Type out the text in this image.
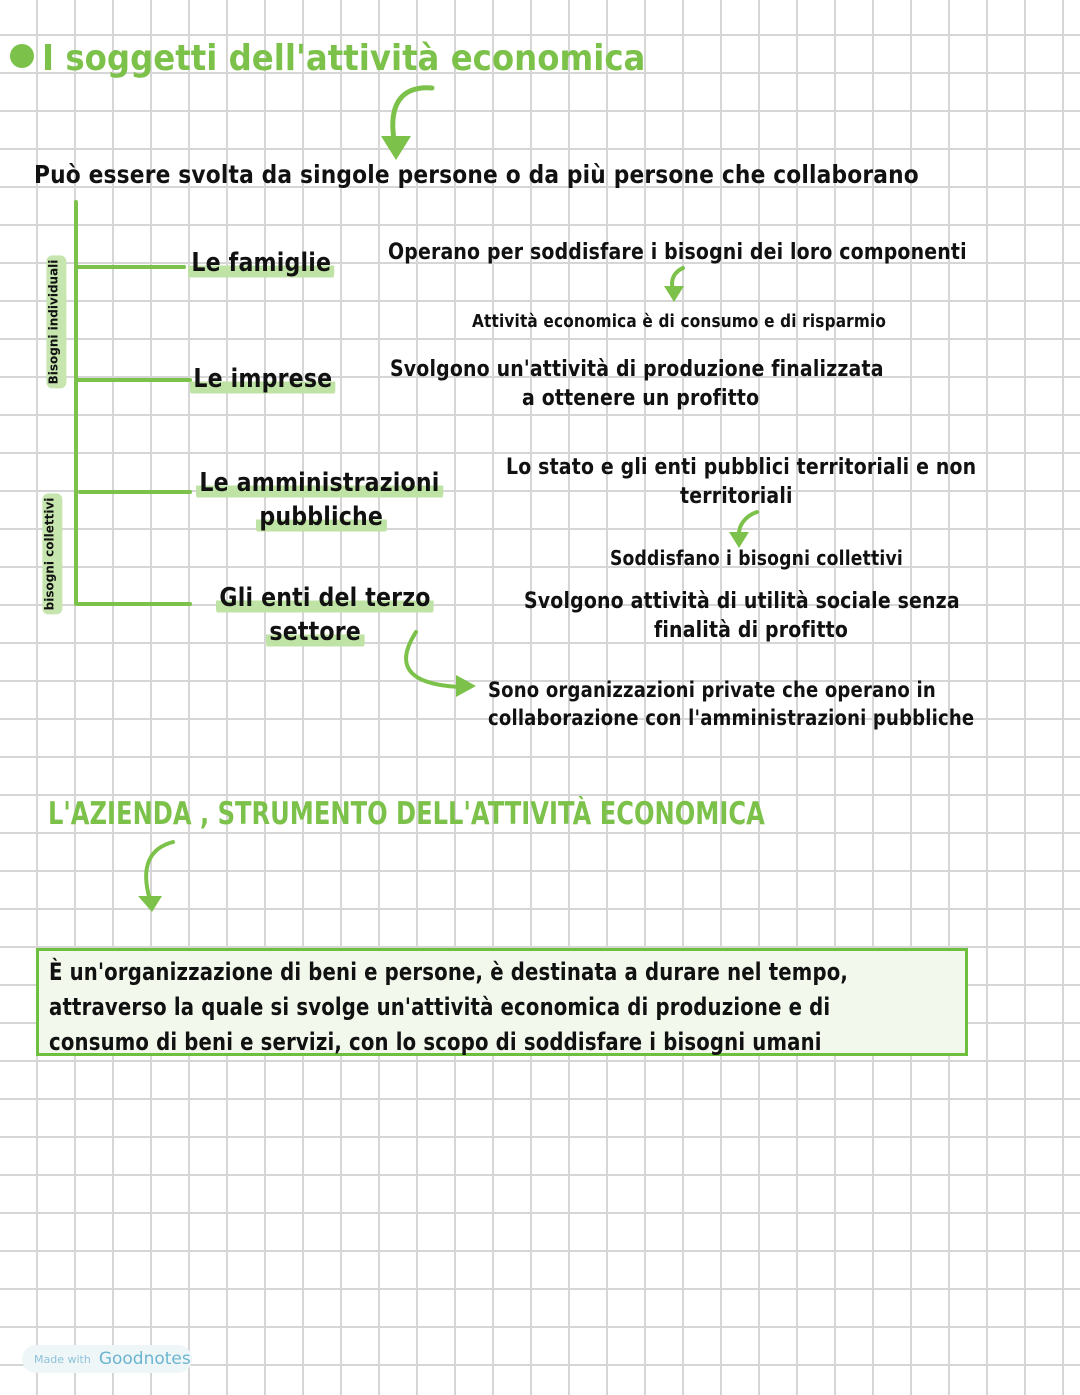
I soggetti dell'attività economica
Può essere svolta da singole persone o da più persone che collaborano
Bisogni individuali
bisogni collettivi
Le famiglie	Operano per soddisfare i bisogni dei loro componenti
Attività economica è di consumo e di risparmio
Le imprese	Svolgono un'attività di produzione finalizzata
a ottenere un profitto
Le amministrazioni
pubbliche
Lo stato e gli enti pubblici territoriali e non
territoriali
Soddisfano i bisogni collettivi
Gli enti del terzo
settore
Svolgono attività di utilità sociale senza
finalità di profitto
Sono organizzazioni private che operano in
collaborazione con l'amministrazioni pubbliche
L'AZIENDA , STRUMENTO DELL'ATTIVITÀ ECONOMICA

È un'organizzazione di beni e persone, è destinata a durare nel tempo,

attraverso la quale si svolge un'attività economica di produzione e di

consumo di beni e servizi, con lo scopo di soddisfare i bisogni umani

Made with Goodnotes
